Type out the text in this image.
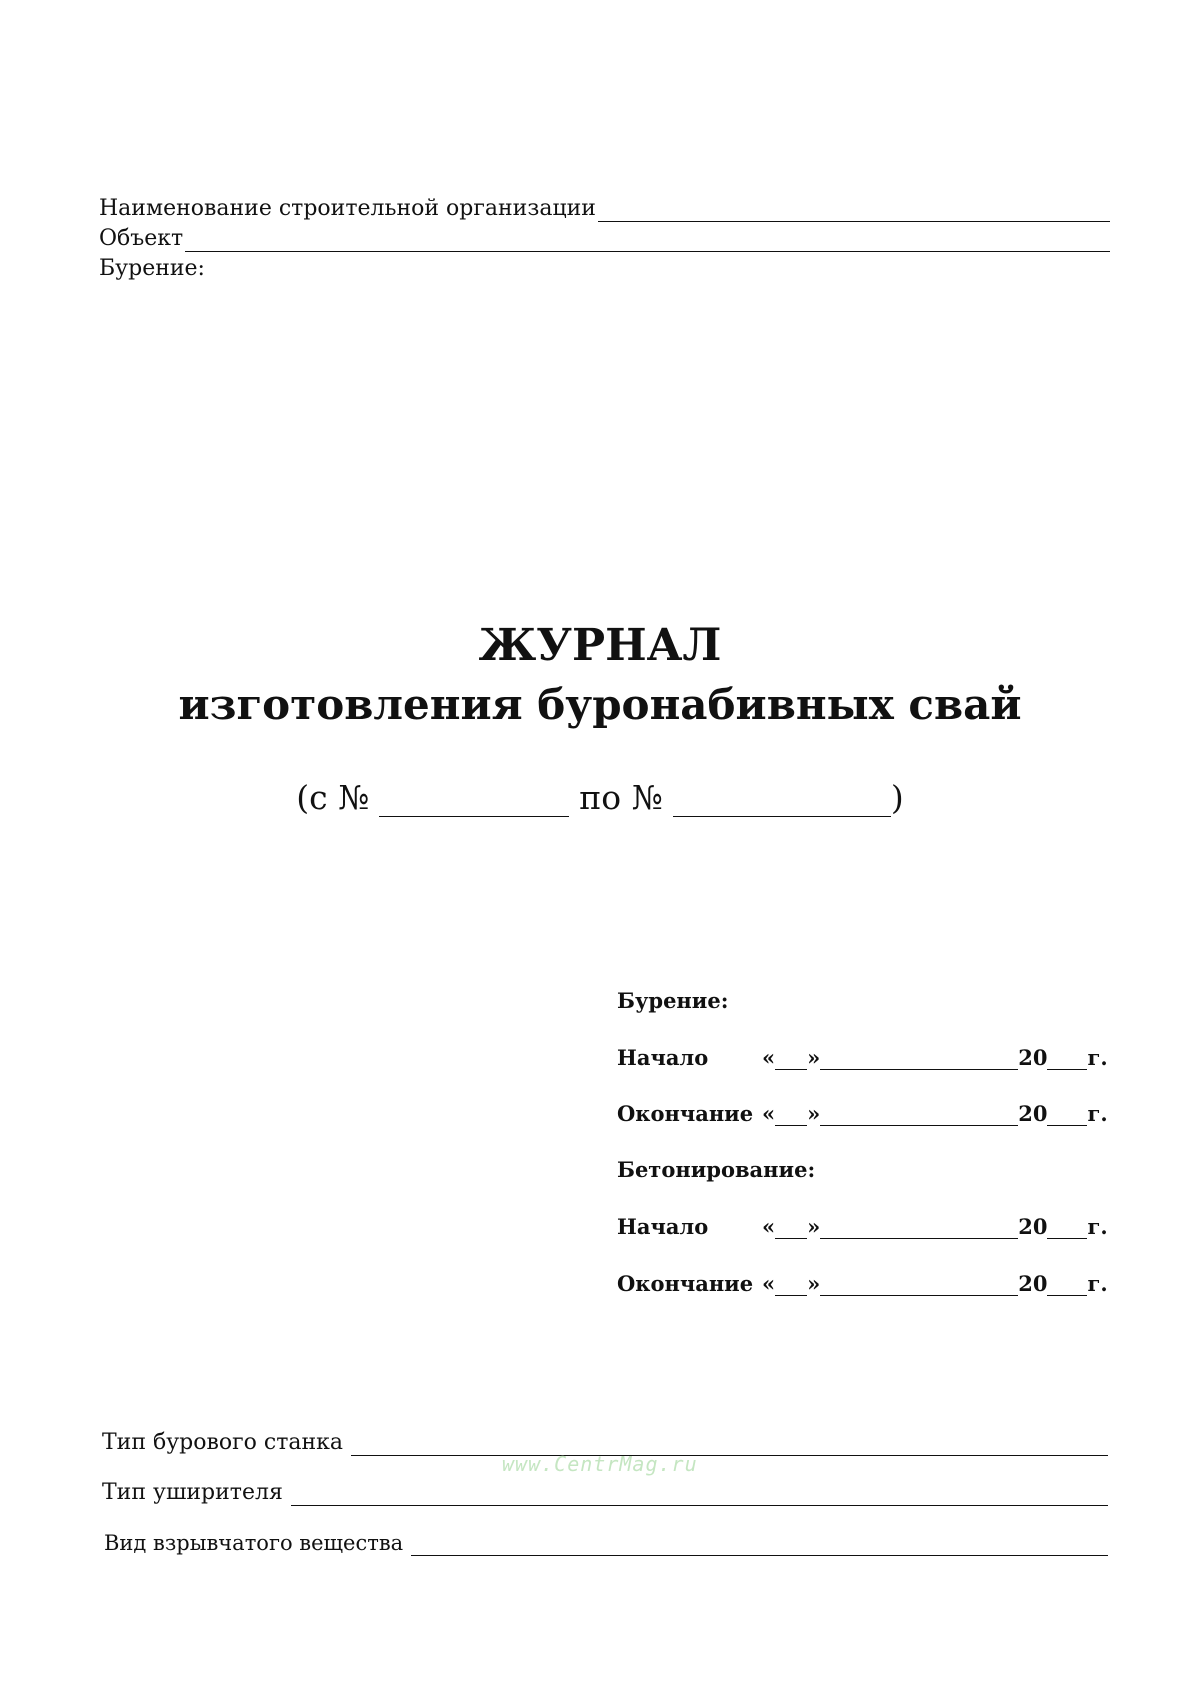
Наименование строительной организации
Объект
Бурение:
ЖУРНАЛ
изготовления буронабивных свай
(с №	по №	)
Бурение:
Начало	« »	20 г.
Окончание « »	20 г.
Бетонирование:
Начало	« »	20 г.
Окончание « »	20 г.
Тип бурового станка
Тип уширителя
Вид взрывчатого вещества
www.CentrMag.ru
